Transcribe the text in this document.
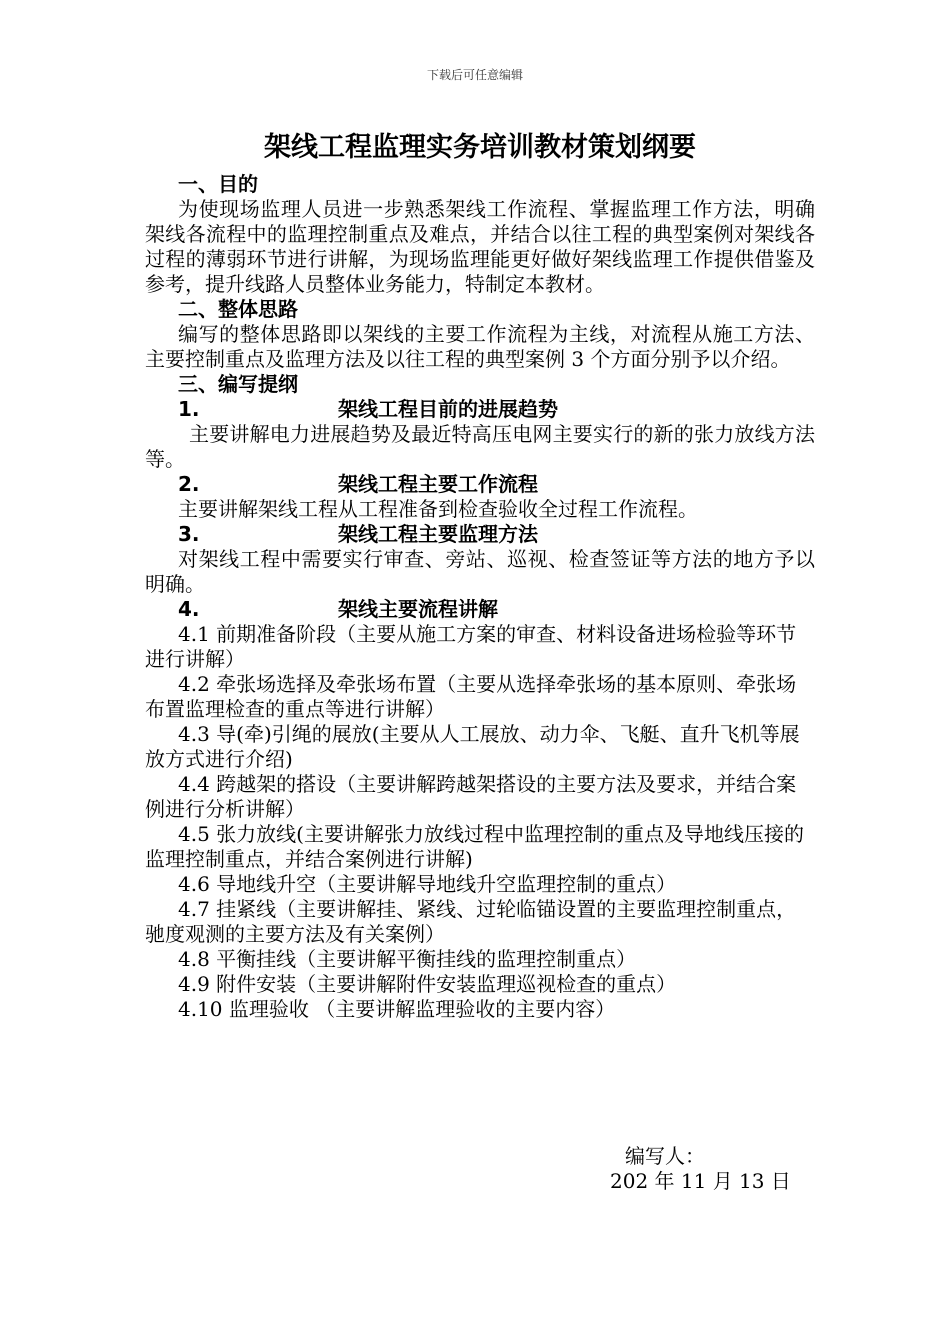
下载后可任意编辑
架线工程监理实务培训教材策划纲要

一、目的

为使现场监理人员进一步熟悉架线工作流程、掌握监理工作方法，明确架线各流程中的监理控制重点及难点，并结合以往工程的典型案例对架线各过程的薄弱环节进行讲解，为现场监理能更好做好架线监理工作提供借鉴及参考，提升线路人员整体业务能力，特制定本教材。

二、整体思路

编写的整体思路即以架线的主要工作流程为主线，对流程从施工方法、主要控制重点及监理方法及以往工程的典型案例 3 个方面分别予以介绍。

三、编写提纲

1.	架线工程目前的进展趋势

主要讲解电力进展趋势及最近特高压电网主要实行的新的张力放线方法等。

2.	架线工程主要工作流程

主要讲解架线工程从工程准备到检查验收全过程工作流程。

3.	架线工程主要监理方法

对架线工程中需要实行审查、旁站、巡视、检查签证等方法的地方予以明确。

4.	架线主要流程讲解

4.1 前期准备阶段（主要从施工方案的审查、材料设备进场检验等环节进行讲解）

4.2 牵张场选择及牵张场布置（主要从选择牵张场的基本原则、牵张场布置监理检查的重点等进行讲解）

4.3 导(牵)引绳的展放(主要从人工展放、动力伞、飞艇、直升飞机等展放方式进行介绍)

4.4 跨越架的搭设（主要讲解跨越架搭设的主要方法及要求，并结合案例进行分析讲解）

4.5 张力放线(主要讲解张力放线过程中监理控制的重点及导地线压接的监理控制重点，并结合案例进行讲解)

4.6 导地线升空（主要讲解导地线升空监理控制的重点）

4.7 挂紧线（主要讲解挂、紧线、过轮临锚设置的主要监理控制重点，驰度观测的主要方法及有关案例）

4.8 平衡挂线（主要讲解平衡挂线的监理控制重点）

4.9 附件安装（主要讲解附件安装监理巡视检查的重点）

4.10 监理验收 （主要讲解监理验收的主要内容）

编写人：
202 年 11 月 13 日
